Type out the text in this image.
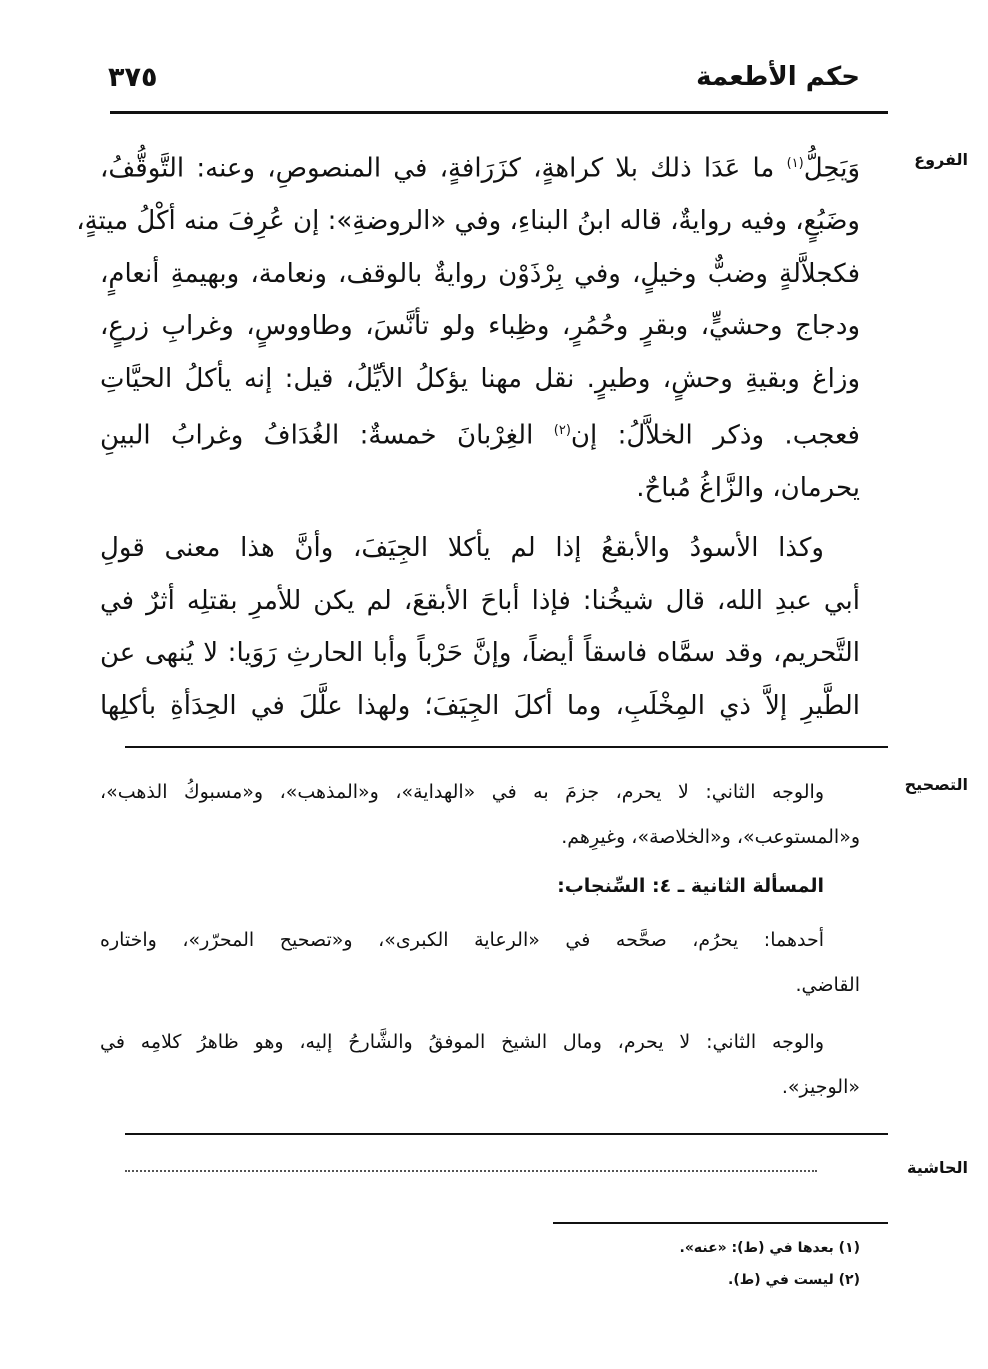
حكم الأطعمة
٣٧٥
الفروع
وَيَحِلُّ$^{(١)}$ ما عَدَا ذلك بلا كراهةٍ، كزَرَافةٍ، في المنصوصِ، وعنه: التَّوقُّفُ،
وضَبُعٍ، وفيه روايةٌ، قاله ابنُ البناءِ، وفي «الروضةِ»: إن عُرِفَ منه أكْلُ ميتةٍ،
فكجلاَّلةٍ وضبٌّ وخيلٍ، وفي بِرْذَوْن روايةٌ بالوقف، ونعامة، وبهيمةِ أنعامٍ،
ودجاج وحشيٍّ، وبقرٍ وحُمُرٍ، وظِباء ولو تأنَّسَ، وطاووسٍ، وغرابِ زرعٍ،
وزاغ وبقيةِ وحشٍ، وطيرٍ. نقل مهنا يؤكلُ الأيِّلُ، قيل: إنه يأكلُ الحيَّاتِ
فعجب. وذكر الخلاَّلُ: إن$^{(٢)}$ الغِرْبانَ خمسةٌ: الغُدَافُ وغرابُ البينِ
يحرمان، والزَّاغُ مُباحٌ.
وكذا الأسودُ والأبقعُ إذا لم يأكلا الجِيَفَ، وأنَّ هذا معنى قولِ
أبي عبدِ الله، قال شيخُنا: فإذا أباحَ الأبقعَ، لم يكن للأمرِ بقتلِه أثرٌ في
التَّحريم، وقد سمَّاه فاسقاً أيضاً، وإنَّ حَرْباً وأبا الحارثِ رَوَيا: لا يُنهى عن
الطَّيرِ إلاَّ ذي المِخْلَبِ، وما أكلَ الجِيَفَ؛ ولهذا علَّلَ في الحِدَأةِ بأكلِها
التصحيح
والوجه الثاني: لا يحرم، جزمَ به في «الهداية»، و«المذهب»، و«مسبوكُ الذهب»،
و«المستوعب»، و«الخلاصة»، وغيرِهم.
المسألة الثانية ـ ٤: السِّنجاب:
أحدهما: يحرُم، صحَّحه في «الرعاية الكبرى»، و«تصحيح المحرّر»، واختاره
القاضي.
والوجه الثاني: لا يحرم، ومال الشيخ الموفقُ والشَّارحُ إليه، وهو ظاهرُ كلامِه في
«الوجيز».
الحاشية
(١) بعدها في (ط): «عنه».
(٢) ليست في (ط).
